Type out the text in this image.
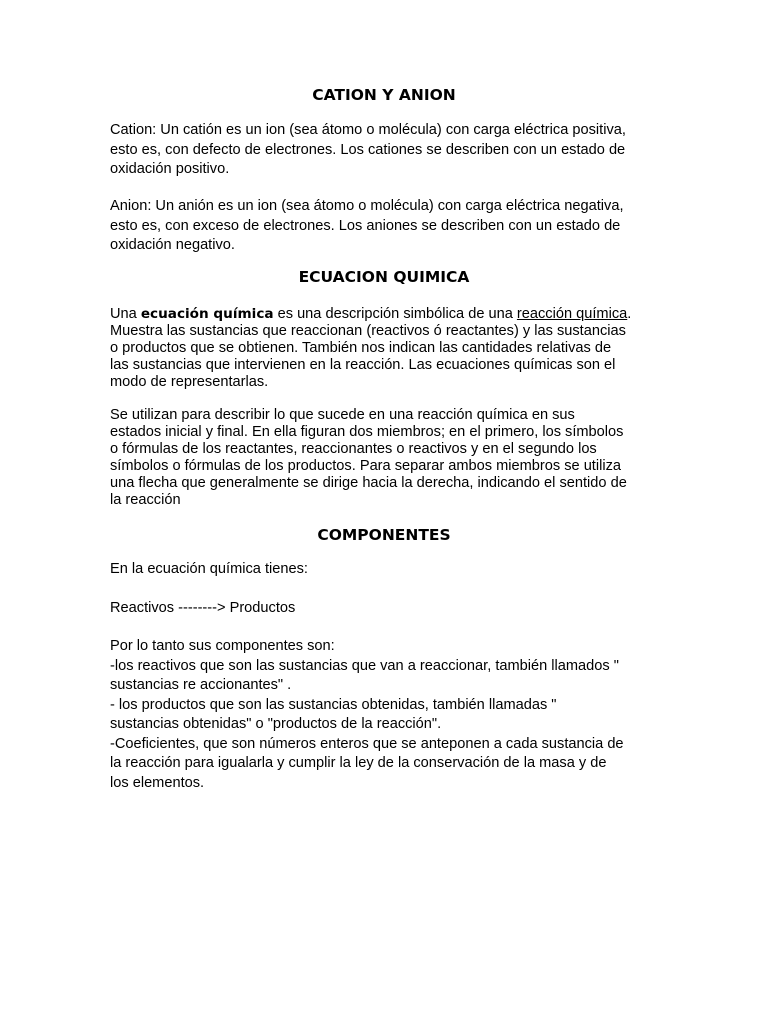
CATION Y ANION
Cation: Un catión es un ion (sea átomo o molécula) con carga eléctrica positiva,
esto es, con defecto de electrones. Los cationes se describen con un estado de
oxidación positivo.
Anion: Un anión es un ion (sea átomo o molécula) con carga eléctrica negativa,
esto es, con exceso de electrones. Los aniones se describen con un estado de
oxidación negativo.
ECUACION QUIMICA
Una ecuación química es una descripción simbólica de una reacción química.
Muestra las sustancias que reaccionan (reactivos ó reactantes) y las sustancias
o productos que se obtienen. También nos indican las cantidades relativas de
las sustancias que intervienen en la reacción. Las ecuaciones químicas son el
modo de representarlas.
Se utilizan para describir lo que sucede en una reacción química en sus
estados inicial y final. En ella figuran dos miembros; en el primero, los símbolos
o fórmulas de los reactantes, reaccionantes o reactivos y en el segundo los
símbolos o fórmulas de los productos. Para separar ambos miembros se utiliza
una flecha que generalmente se dirige hacia la derecha, indicando el sentido de
la reacción
COMPONENTES
En la ecuación química tienes:
Reactivos --------> Productos
Por lo tanto sus componentes son:
-los reactivos que son las sustancias que van a reaccionar, también llamados "
sustancias re accionantes" .
- los productos que son las sustancias obtenidas, también llamadas "
sustancias obtenidas" o "productos de la reacción".
-Coeficientes, que son números enteros que se anteponen a cada sustancia de
la reacción para igualarla y cumplir la ley de la conservación de la masa y de
los elementos.
